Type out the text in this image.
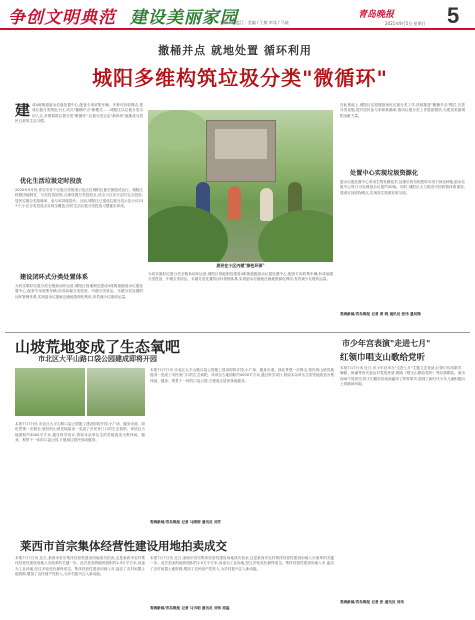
争创文明典范 建设美丽家园
要闻 / 总监江 · 美编 / 王敏 审读 / 马骁
青岛晚报
2021年9月5日 星期日 5
撤桶并点 就地处置 循环利用
城阳多维构筑垃圾分类"微循环"
建 成4座街道厨余垃圾处置中心,配备专用收集车辆、多种可回收网点,建成垃圾分类特色小区,试点"撤桶并点"新模式……城阳区以垃圾分类为切入点,多维构筑垃圾分类"微循环",垃圾分类正由"新时尚"逐渐成为居民日常的生活习惯。
优化生活垃圾定时投放
2020年9月份,青岛市首个垃圾分类街道示范点在城阳区夏庄街道试运行。城阳区按照因地制宜、分类投放原则,合理设置分类投放点,试点小区实行定时定点投放,居民垃圾分类知晓率、参与率持续提升。目前,城阳区已建成垃圾分类示范小区237个,小区分类投放点实现全覆盖,居民生活垃圾分类投放习惯逐步养成。
建设闭环式分类处置体系
为切实做好垃圾分类全链条闭环运营,城阳区因地制宜建成4座街道级厨余垃圾处置中心,配套专用收集车辆,形成前端分类投放、中端分类收运、末端分类处置的闭环管理体系,实现厨余垃圾就近就地资源化利用,有效减少垃圾转运量。
居民在小区内做"绿色环保"
为切实做好垃圾分类全链条闭环运营,城阳区因地制宜建成4座街道级厨余垃圾处置中心,配套专用收集车辆,形成前端分类投放、中端分类收运、末端分类处置的闭环管理体系,实现厨余垃圾就近就地资源化利用,有效减少垃圾转运量。
在此基础上,城阳区还将继续深化垃圾分类工作,持续推进"撤桶并点"模式,完善分类设施,提升居民参与率和准确率,推动垃圾分类工作提质增效,为建设美丽城阳贡献力量。
处置中心实现垃圾资源化
厨余垃圾处置中心采用生物发酵技术,处理后的有机肥料可用于绿化种植,厨余垃圾中心每日可处理厨余垃圾约30吨。同时,城阳区大力推进可回收物体系建设,建成可回收物网点,实现再生资源应收尽收。
观海新闻/青岛晚报 记者 黄 晓 通讯员 张伟 遇昊锋
山坡荒地变成了生态氧吧
市北区大平山路口袋公园建成即将开园
本报7月7日讯 市北区大平山路口袋公园施工建设即将开园,小广场、健身步道、绿化景观一应俱全,曾经的山坡荒地摇身一变成了市民家门口的生态氧吧。该项目占地面积约4000平方米,通过科学设计,将原本杂草丛生的荒地改造为集休闲、健身、观景于一体的口袋公园,方便周边居民休闲健身。
本报7月7日讯 市北区大平山路口袋公园施工建设即将开园,小广场、健身步道、绿化景观一应俱全,曾经的山坡荒地摇身一变成了市民家门口的生态氧吧。该项目占地面积约4000平方米,通过科学设计,将原本杂草丛生的荒地改造为集休闲、健身、观景于一体的口袋公园,方便周边居民休闲健身。
观海新闻/青岛晚报 记者 马晓婷 通讯员 刘芳
莱西市首宗集体经营性建设用地拍卖成交
本报7月7日讯 近日,莱西市首宗集体经营性建设用地成功拍卖,这是莱西市农村集体经营性建设用地入市改革的关键一步。此次拍卖的地块面积约2.9万平方米,用途为工业用地,经过多轮竞价最终成交。集体经营性建设用地入市,盘活了农村闲置土地资源,增加了农民财产性收入,为乡村振兴注入新动能。
本报7月7日讯 近日,莱西市首宗集体经营性建设用地成功拍卖,这是莱西市农村集体经营性建设用地入市改革的关键一步。此次拍卖的地块面积约2.9万平方米,用途为工业用地,经过多轮竞价最终成交。集体经营性建设用地入市,盘活了农村闲置土地资源,增加了农民财产性收入,为乡村振兴注入新动能。
观海新闻/青岛晚报 记者 马书明 通讯员 刘伟 周磊
市少年宫表演"走进七月"
红领巾唱支山歌给党听
本报7月7日讯 近日,市少年宫举办"走进七月"主题文艺表演,红领巾们用歌声、舞蹈、朗诵等形式表达对党的热爱,唱响《唱支山歌给党听》等经典歌曲。演出现场气氛热烈,孩子们精彩的表演赢得了阵阵掌声,展现了新时代少年儿童积极向上的精神风貌。
观海新闻/青岛晚报 记者 张 通讯员 刘伟
